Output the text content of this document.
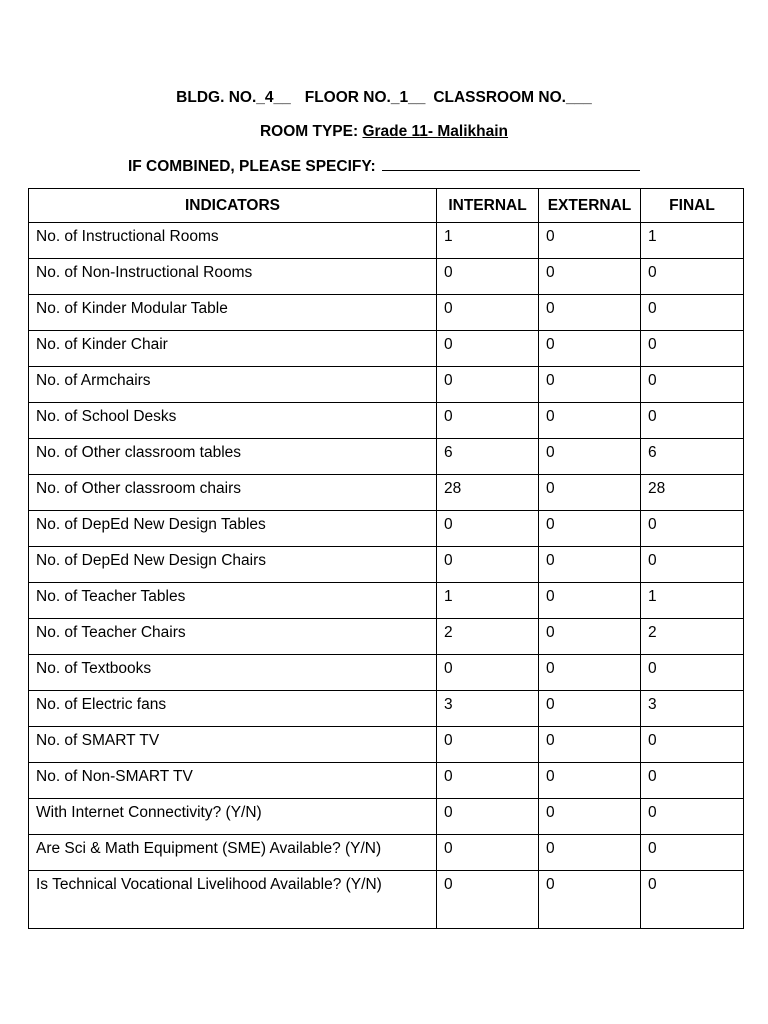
BLDG. NO._4__ FLOOR NO._1__ CLASSROOM NO.___
ROOM TYPE: Grade 11- Malikhain
IF COMBINED, PLEASE SPECIFY:
INDICATORS	INTERNAL	EXTERNAL	FINAL
No. of Instructional Rooms	1	0	1
No. of Non-Instructional Rooms	0	0	0
No. of Kinder Modular Table	0	0	0
No. of Kinder Chair	0	0	0
No. of Armchairs	0	0	0
No. of School Desks	0	0	0
No. of Other classroom tables	6	0	6
No. of Other classroom chairs	28	0	28
No. of DepEd New Design Tables	0	0	0
No. of DepEd New Design Chairs	0	0	0
No. of Teacher Tables	1	0	1
No. of Teacher Chairs	2	0	2
No. of Textbooks	0	0	0
No. of Electric fans	3	0	3
No. of SMART TV	0	0	0
No. of Non-SMART TV	0	0	0
With Internet Connectivity? (Y/N)	0	0	0
Are Sci & Math Equipment (SME) Available? (Y/N)	0	0	0
Is Technical Vocational Livelihood Available? (Y/N)	0	0	0
